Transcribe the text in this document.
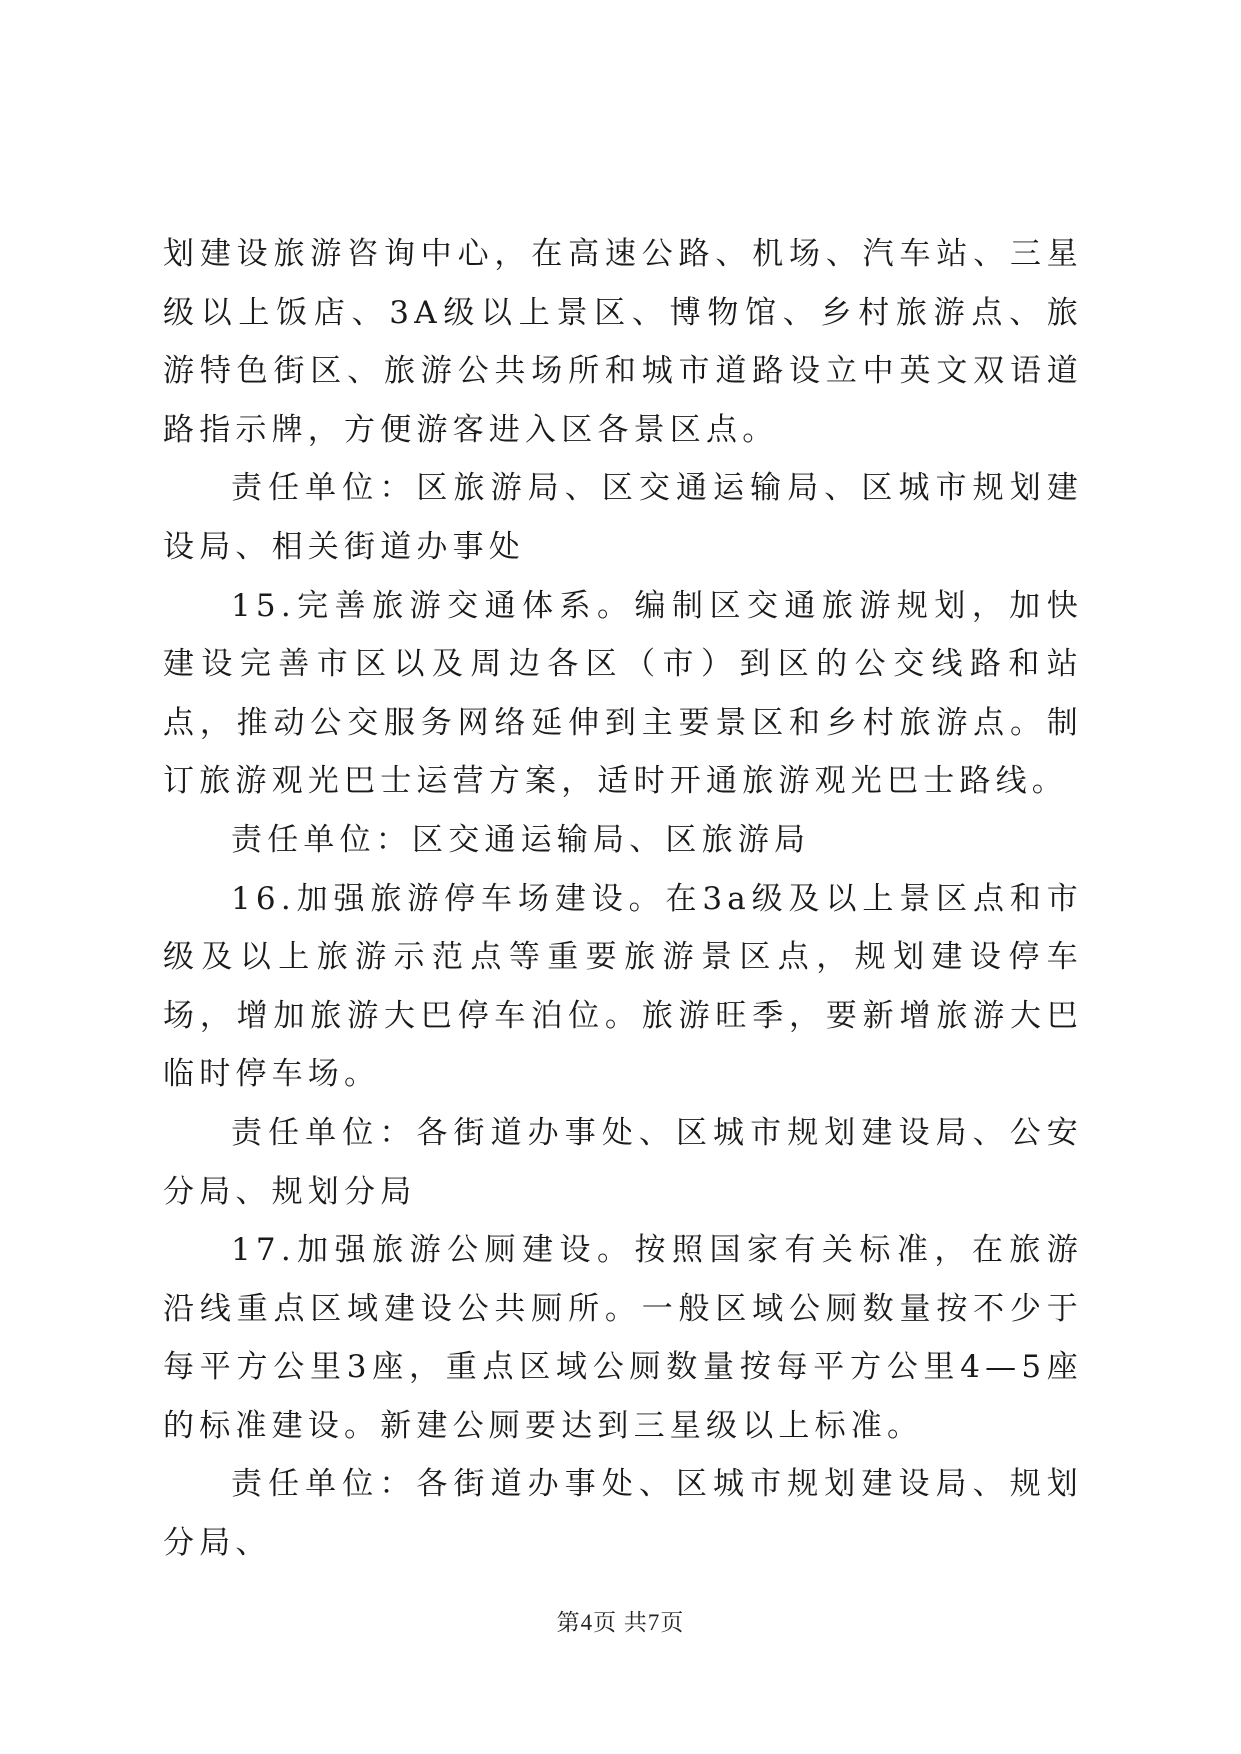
划建设旅游咨询中心，在高速公路、机场、汽车站、三星级以上饭店、3A级以上景区、博物馆、乡村旅游点、旅游特色街区、旅游公共场所和城市道路设立中英文双语道路指示牌，方便游客进入区各景区点。

责任单位：区旅游局、区交通运输局、区城市规划建设局、相关街道办事处

15.完善旅游交通体系。编制区交通旅游规划，加快建设完善市区以及周边各区（市）到区的公交线路和站点，推动公交服务网络延伸到主要景区和乡村旅游点。制订旅游观光巴士运营方案，适时开通旅游观光巴士路线。

责任单位：区交通运输局、区旅游局

16.加强旅游停车场建设。在3a级及以上景区点和市级及以上旅游示范点等重要旅游景区点，规划建设停车场，增加旅游大巴停车泊位。旅游旺季，要新增旅游大巴临时停车场。

责任单位：各街道办事处、区城市规划建设局、公安分局、规划分局

17.加强旅游公厕建设。按照国家有关标准，在旅游沿线重点区域建设公共厕所。一般区域公厕数量按不少于每平方公里3座，重点区域公厕数量按每平方公里4—5座的标准建设。新建公厕要达到三星级以上标准。

责任单位：各街道办事处、区城市规划建设局、规划分局、

第4页 共7页
